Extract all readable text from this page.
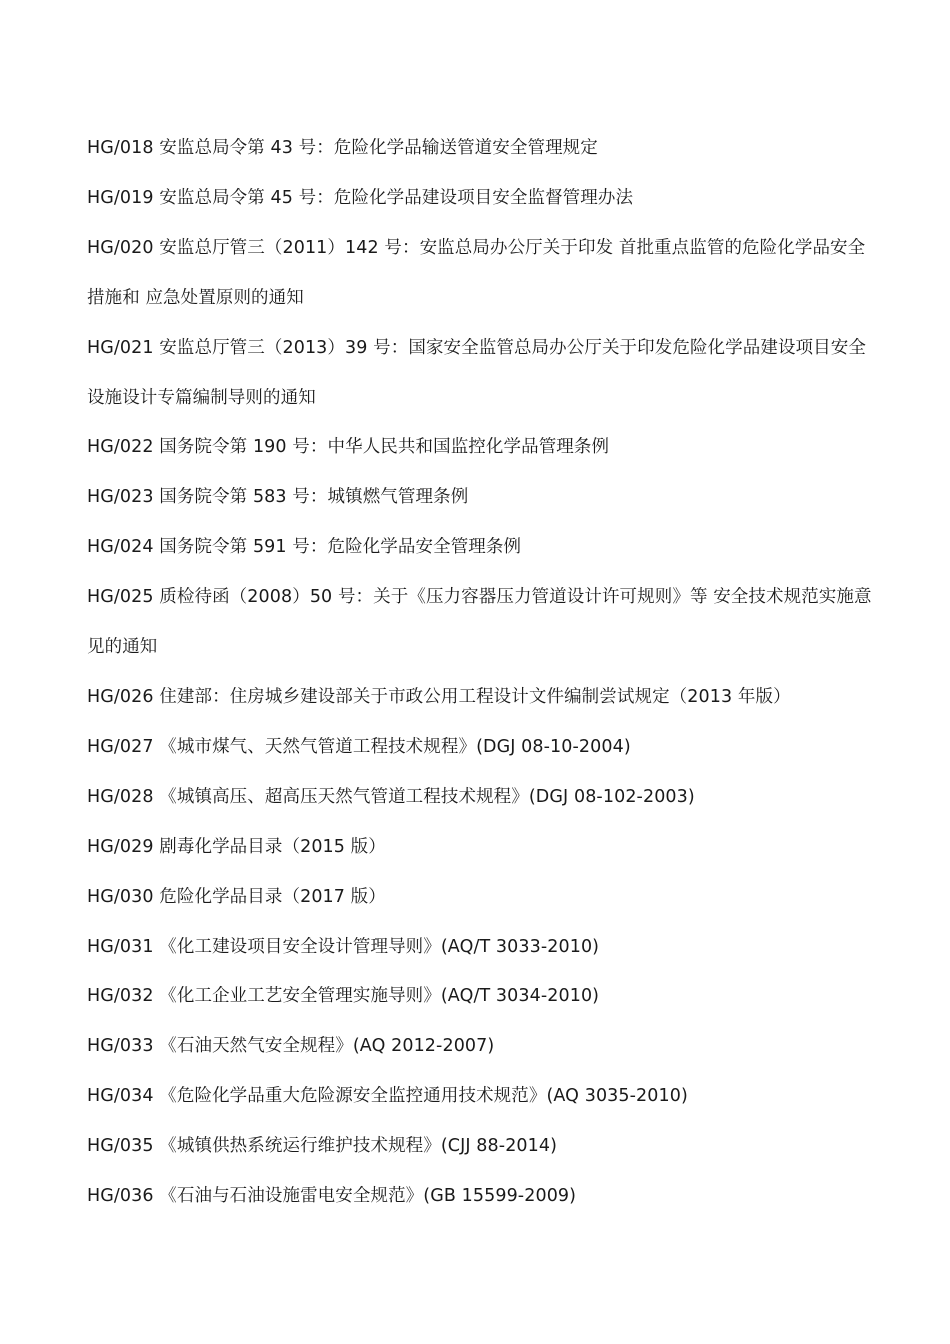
HG/018 安监总局令第 43 号：危险化学品输送管道安全管理规定
HG/019 安监总局令第 45 号：危险化学品建设项目安全监督管理办法
HG/020 安监总厅管三（2011）142 号：安监总局办公厅关于印发 首批重点监管的危险化学品安全措施和 应急处置原则的通知
HG/021 安监总厅管三（2013）39 号：国家安全监管总局办公厅关于印发危险化学品建设项目安全设施设计专篇编制导则的通知
HG/022 国务院令第 190 号：中华人民共和国监控化学品管理条例
HG/023 国务院令第 583 号：城镇燃气管理条例
HG/024 国务院令第 591 号：危险化学品安全管理条例
HG/025 质检待函（2008）50 号：关于《压力容器压力管道设计许可规则》等 安全技术规范实施意见的通知
HG/026 住建部：住房城乡建设部关于市政公用工程设计文件编制尝试规定（2013 年版）
HG/027 《城市煤气、天然气管道工程技术规程》(DGJ 08-10-2004)
HG/028 《城镇高压、超高压天然气管道工程技术规程》(DGJ 08-102-2003)
HG/029 剧毒化学品目录（2015 版）
HG/030 危险化学品目录（2017 版）
HG/031 《化工建设项目安全设计管理导则》(AQ/T 3033-2010)
HG/032 《化工企业工艺安全管理实施导则》(AQ/T 3034-2010)
HG/033 《石油天然气安全规程》(AQ 2012-2007)
HG/034 《危险化学品重大危险源安全监控通用技术规范》(AQ 3035-2010)
HG/035 《城镇供热系统运行维护技术规程》(CJJ 88-2014)
HG/036 《石油与石油设施雷电安全规范》(GB 15599-2009)
